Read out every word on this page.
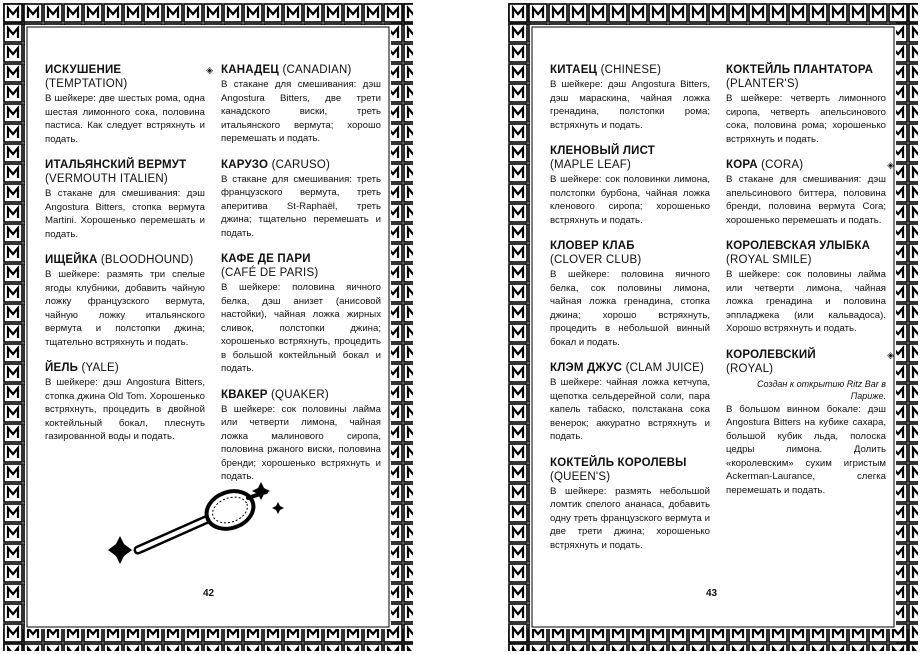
ИСКУШЕНИЕ
(TEMPTATION)
◈

В шейкере: две шестых рома, одна шестая лимонного сока, половина пастиса. Как следует встряхнуть и подать.

ИТАЛЬЯНСКИЙ ВЕРМУТ
(VERMOUTH ITALIEN)

В стакане для смешивания: дэш Angostura Bitters, стопка вермута Martini. Хорошенько перемешать и подать.

ИЩЕЙКА (BLOODHOUND)

В шейкере: размять три спелые ягоды клубники, добавить чайную ложку французского вермута, чайную ложку итальянского вермута и полстопки джина; тщательно встряхнуть и подать.

ЙЕЛЬ (YALE)

В шейкере: дэш Angostura Bitters, стопка джина Old Tom. Хорошенько встряхнуть, процедить в двойной коктейльный бокал, плеснуть газированной воды и подать.

КАНАДЕЦ (CANADIAN)

В стакане для смешивания: дэш Angostura Bitters, две трети канадского виски, треть итальянского вермута; хорошо перемешать и подать.

КАРУЗО (CARUSO)

В стакане для смешивания: треть французского вермута, треть аперитива St-Raphaël, треть джина; тщательно перемешать и подать.

КАФЕ ДЕ ПАРИ
(CAFÉ DE PARIS)

В шейкере: половина яичного белка, дэш анизет (анисовой настойки), чайная ложка жирных сливок, полстопки джина; хорошенько встряхнуть, процедить в большой коктейльный бокал и подать.

КВАКЕР (QUAKER)

В шейкере: сок половины лайма или четверти лимона, чайная ложка малинового сиропа, половина ржаного виски, половина бренди; хорошенько встряхнуть и подать.

42
КИТАЕЦ (CHINESE)

В шейкере: дэш Angostura Bitters, дэш мараскина, чайная ложка гренадина, полстопки рома; встряхнуть и подать.

КЛЕНОВЫЙ ЛИСТ
(MAPLE LEAF)

В шейкере: сок половинки лимона, полстопки бурбона, чайная ложка кленового сиропа; хорошенько встряхнуть и подать.

КЛОВЕР КЛАБ
(CLOVER CLUB)

В шейкере: половина яичного белка, сок половины лимона, чайная ложка гренадина, стопка джина; хорошо встряхнуть, процедить в небольшой винный бокал и подать.

КЛЭМ ДЖУС (CLAM JUICE)

В шейкере: чайная ложка кетчупа, щепотка сельдерейной соли, пара капель табаско, полстакана сока венерок; аккуратно встряхнуть и подать.

КОКТЕЙЛЬ КОРОЛЕВЫ
(QUEEN'S)

В шейкере: размять небольшой ломтик спелого ананаса, добавить одну треть французского вермута и две трети джина; хорошенько встряхнуть и подать.

КОКТЕЙЛЬ ПЛАНТАТОРА
(PLANTER'S)

В шейкере: четверть лимонного сиропа, четверть апельсинового сока, половина рома; хорошенько встряхнуть и подать.

КОРА (CORA)	◈

В стакане для смешивания: дэш апельсинового биттера, половина бренди, половина вермута Cora; хорошенько перемешать и подать.

КОРОЛЕВСКАЯ УЛЫБКА
(ROYAL SMILE)

В шейкере: сок половины лайма или четверти лимона, чайная ложка гренадина и половина эппладжека (или кальвадоса). Хорошо встряхнуть и подать.

КОРОЛЕВСКИЙ
(ROYAL)
◈
Создан к открытию Ritz Bar в Париже.

В большом винном бокале: дэш Angostura Bitters на кубике сахара, большой кубик льда, полоска цедры лимона. Долить «королевским» сухим игристым Ackerman-Laurance, слегка перемешать и подать.

43
